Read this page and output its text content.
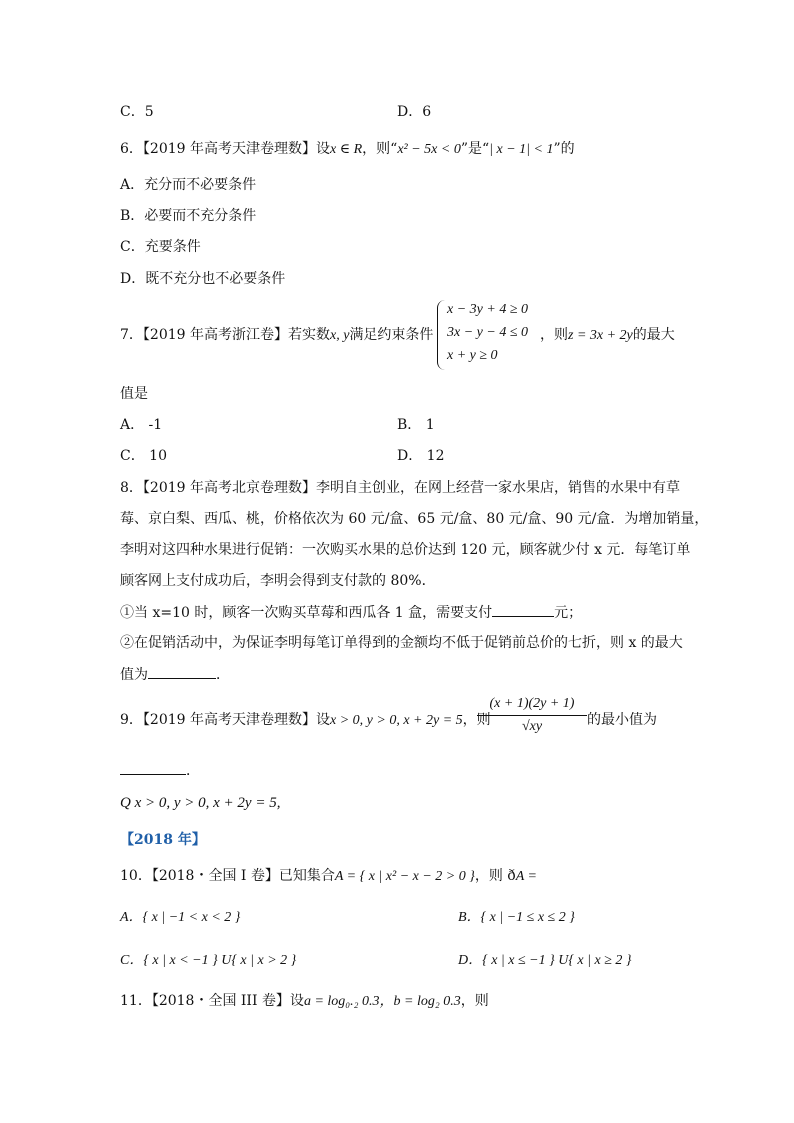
C．5	D．6
6．【2019 年高考天津卷理数】设x ∈ R，则“x² − 5x < 0”是“| x − 1| < 1”的
A．充分而不必要条件
B．必要而不充分条件
C．充要条件
D．既不充分也不必要条件
7．【2019 年高考浙江卷】若实数x, y满足约束条件
x − 3y + 4 ≥ 0
3x − y − 4 ≤ 0
x + y ≥ 0
，则z = 3x + 2y的最大
值是
A． -1	B． 1
C． 10	D． 12
8．【2019 年高考北京卷理数】李明自主创业，在网上经营一家水果店，销售的水果中有草
莓、京白梨、西瓜、桃，价格依次为 60 元/盒、65 元/盒、80 元/盒、90 元/盒．为增加销量，
李明对这四种水果进行促销：一次购买水果的总价达到 120 元，顾客就少付 x 元．每笔订单
顾客网上支付成功后，李明会得到支付款的 80%．
①当 x=10 时，顾客一次购买草莓和西瓜各 1 盒，需要支付	元；
②在促销活动中，为保证李明每笔订单得到的金额均不低于促销前总价的七折，则 x 的最大
值为	．
9．【2019 年高考天津卷理数】设x > 0, y > 0, x + 2y = 5，则
$\frac{(x + 1)(2y + 1)}{√xy}$ 的最小值为
．
Q x > 0, y > 0, x + 2y = 5,
【2018 年】
10．【2018・全国 I 卷】已知集合A = { x | x² − x − 2 > 0 }，则 ðA =
A．{ x | −1 < x < 2 }	B．{ x | −1 ≤ x ≤ 2 }
C．{ x | x < −1 } U{ x | x > 2 }	D．{ x | x ≤ −1 } U{ x | x ≥ 2 }
11．【2018・全国 III 卷】设a = log₀.₂ 0.3，b = log₂ 0.3，则
